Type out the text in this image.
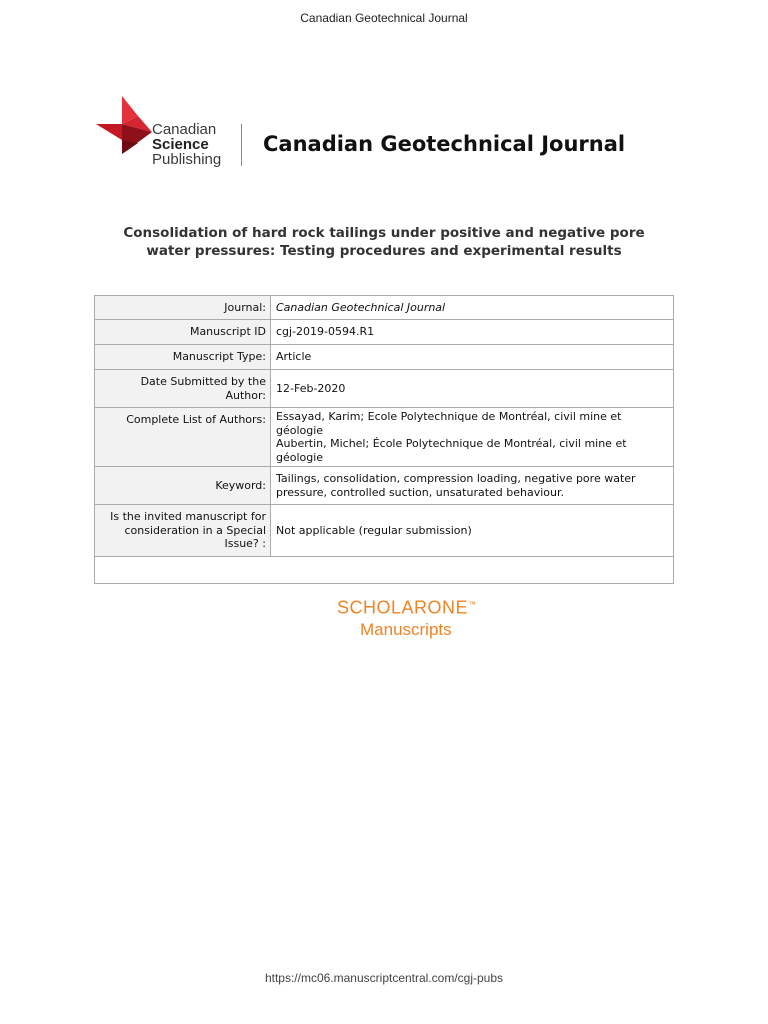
Canadian Geotechnical Journal
Canadian
Science
Publishing
Canadian Geotechnical Journal
Consolidation of hard rock tailings under positive and negative pore water pressures: Testing procedures and experimental results
Journal:	Canadian Geotechnical Journal
Manuscript ID	cgj-2019-0594.R1
Manuscript Type:	Article
Date Submitted by the Author:	12-Feb-2020
Complete List of Authors:	Essayad, Karim; Ecole Polytechnique de Montréal, civil mine et géologie
Aubertin, Michel; École Polytechnique de Montréal, civil mine et géologie

Keyword:	Tailings, consolidation, compression loading, negative pore water pressure, controlled suction, unsaturated behaviour.
Is the invited manuscript for consideration in a Special Issue? :	Not applicable (regular submission)

SCHOLARONE™
Manuscripts
https://mc06.manuscriptcentral.com/cgj-pubs
